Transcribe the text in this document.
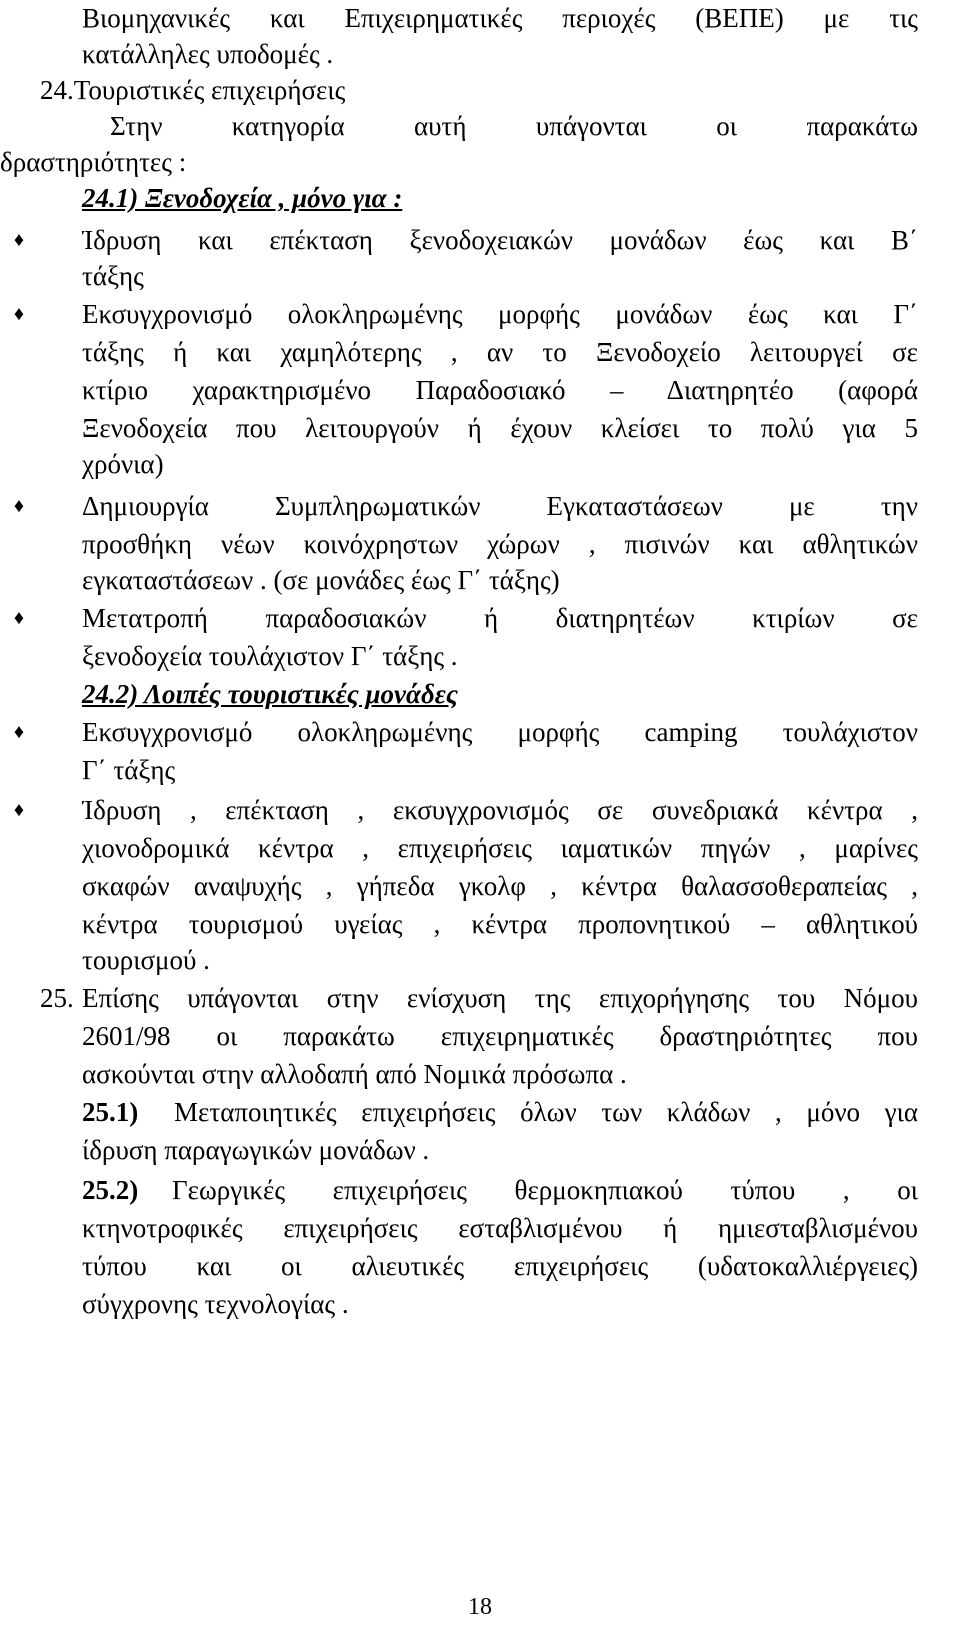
Βιομηχανικές και Επιχειρηματικές περιοχές (ΒΕΠΕ) με τις
κατάλληλες υποδομές .
24.Τουριστικές επιχειρήσεις
Στην κατηγορία αυτή υπάγονται οι παρακάτω
δραστηριότητες :
24.1) Ξενοδοχεία , μόνο για :
♦ Ίδρυση και επέκταση ξενοδοχειακών μονάδων έως και Β΄
τάξης
♦ Εκσυγχρονισμό ολοκληρωμένης μορφής μονάδων έως και Γ΄
τάξης ή και χαμηλότερης , αν το Ξενοδοχείο λειτουργεί σε
κτίριο χαρακτηρισμένο Παραδοσιακό – Διατηρητέο (αφορά
Ξενοδοχεία που λειτουργούν ή έχουν κλείσει το πολύ για 5
χρόνια)
♦ Δημιουργία Συμπληρωματικών Εγκαταστάσεων με την
προσθήκη νέων κοινόχρηστων χώρων , πισινών και αθλητικών
εγκαταστάσεων . (σε μονάδες έως Γ΄ τάξης)
♦ Μετατροπή παραδοσιακών ή διατηρητέων κτιρίων σε
ξενοδοχεία τουλάχιστον Γ΄ τάξης .
24.2) Λοιπές τουριστικές μονάδες
♦ Εκσυγχρονισμό ολοκληρωμένης μορφής camping τουλάχιστον
Γ΄ τάξης
♦ Ίδρυση , επέκταση , εκσυγχρονισμός σε συνεδριακά κέντρα ,
χιονοδρομικά κέντρα , επιχειρήσεις ιαματικών πηγών , μαρίνες
σκαφών αναψυχής , γήπεδα γκολφ , κέντρα θαλασσοθεραπείας ,
κέντρα τουρισμού υγείας , κέντρα προπονητικού – αθλητικού
τουρισμού .
25. Επίσης υπάγονται στην ενίσχυση της επιχορήγησης του Νόμου
2601/98 οι παρακάτω επιχειρηματικές δραστηριότητες που
ασκούνται στην αλλοδαπή από Νομικά πρόσωπα .
25.1) Μεταποιητικές επιχειρήσεις όλων των κλάδων , μόνο για
ίδρυση παραγωγικών μονάδων .
25.2) Γεωργικές επιχειρήσεις θερμοκηπιακού τύπου , οι
κτηνοτροφικές επιχειρήσεις εσταβλισμένου ή ημιεσταβλισμένου
τύπου και οι αλιευτικές επιχειρήσεις (υδατοκαλλιέργειες)
σύγχρονης τεχνολογίας .
18
